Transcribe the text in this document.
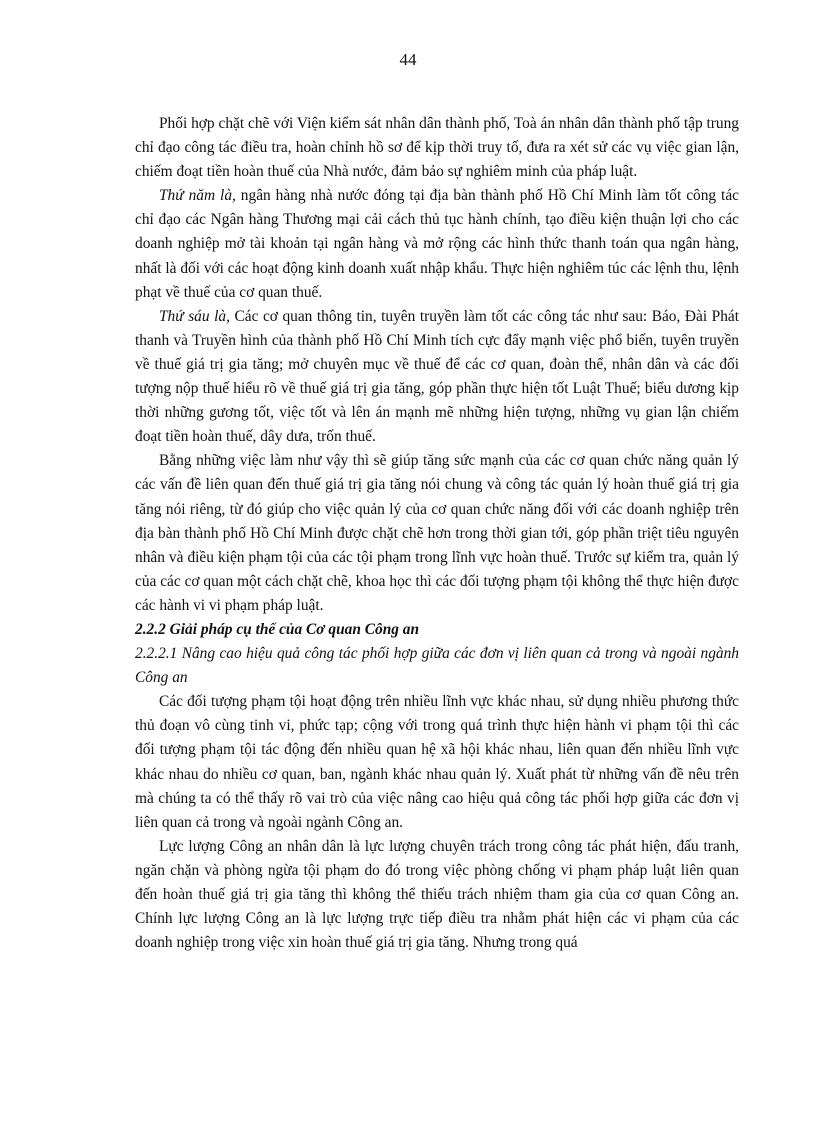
44

Phối hợp chặt chẽ với Viện kiểm sát nhân dân thành phố, Toà án nhân dân thành phố tập trung chỉ đạo công tác điều tra, hoàn chỉnh hồ sơ để kịp thời truy tố, đưa ra xét sử các vụ việc gian lận, chiếm đoạt tiền hoàn thuế của Nhà nước, đảm bảo sự nghiêm minh của pháp luật.

Thứ năm là, ngân hàng nhà nước đóng tại địa bàn thành phố Hồ Chí Minh làm tốt công tác chỉ đạo các Ngân hàng Thương mại cải cách thủ tục hành chính, tạo điều kiện thuận lợi cho các doanh nghiệp mở tài khoản tại ngân hàng và mở rộng các hình thức thanh toán qua ngân hàng, nhất là đối với các hoạt động kinh doanh xuất nhập khẩu. Thực hiện nghiêm túc các lệnh thu, lệnh phạt về thuế của cơ quan thuế.

Thứ sáu là, Các cơ quan thông tin, tuyên truyền làm tốt các công tác như sau: Báo, Đài Phát thanh và Truyền hình của thành phố Hồ Chí Minh tích cực đẩy mạnh việc phổ biến, tuyên truyền về thuế giá trị gia tăng; mở chuyên mục về thuế để các cơ quan, đoàn thể, nhân dân và các đối tượng nộp thuế hiểu rõ về thuế giá trị gia tăng, góp phần thực hiện tốt Luật Thuế; biểu dương kịp thời những gương tốt, việc tốt và lên án mạnh mẽ những hiện tượng, những vụ gian lận chiếm đoạt tiền hoàn thuế, dây dưa, trốn thuế.

Bằng những việc làm như vậy thì sẽ giúp tăng sức mạnh của các cơ quan chức năng quản lý các vấn đề liên quan đến thuế giá trị gia tăng nói chung và công tác quản lý hoàn thuế giá trị gia tăng nói riêng, từ đó giúp cho việc quản lý của cơ quan chức năng đối với các doanh nghiệp trên địa bàn thành phố Hồ Chí Minh được chặt chẽ hơn trong thời gian tới, góp phần triệt tiêu nguyên nhân và điều kiện phạm tội của các tội phạm trong lĩnh vực hoàn thuế. Trước sự kiểm tra, quản lý của các cơ quan một cách chặt chẽ, khoa học thì các đối tượng phạm tội không thể thực hiện được các hành vi vi phạm pháp luật.

2.2.2 Giải pháp cụ thể của Cơ quan Công an

2.2.2.1 Nâng cao hiệu quả công tác phối hợp giữa các đơn vị liên quan cả trong và ngoài ngành Công an

Các đối tượng phạm tội hoạt động trên nhiều lĩnh vực khác nhau, sử dụng nhiều phương thức thủ đoạn vô cùng tinh vi, phức tạp; cộng với trong quá trình thực hiện hành vi phạm tội thì các đối tượng phạm tội tác động đến nhiều quan hệ xã hội khác nhau, liên quan đến nhiều lĩnh vực khác nhau do nhiều cơ quan, ban, ngành khác nhau quản lý. Xuất phát từ những vấn đề nêu trên mà chúng ta có thể thấy rõ vai trò của việc nâng cao hiệu quả công tác phối hợp giữa các đơn vị liên quan cả trong và ngoài ngành Công an.

Lực lượng Công an nhân dân là lực lượng chuyên trách trong công tác phát hiện, đấu tranh, ngăn chặn và phòng ngừa tội phạm do đó trong việc phòng chống vi phạm pháp luật liên quan đến hoàn thuế giá trị gia tăng thì không thể thiếu trách nhiệm tham gia của cơ quan Công an. Chính lực lượng Công an là lực lượng trực tiếp điều tra nhằm phát hiện các vi phạm của các doanh nghiệp trong việc xin hoàn thuế giá trị gia tăng. Nhưng trong quá
